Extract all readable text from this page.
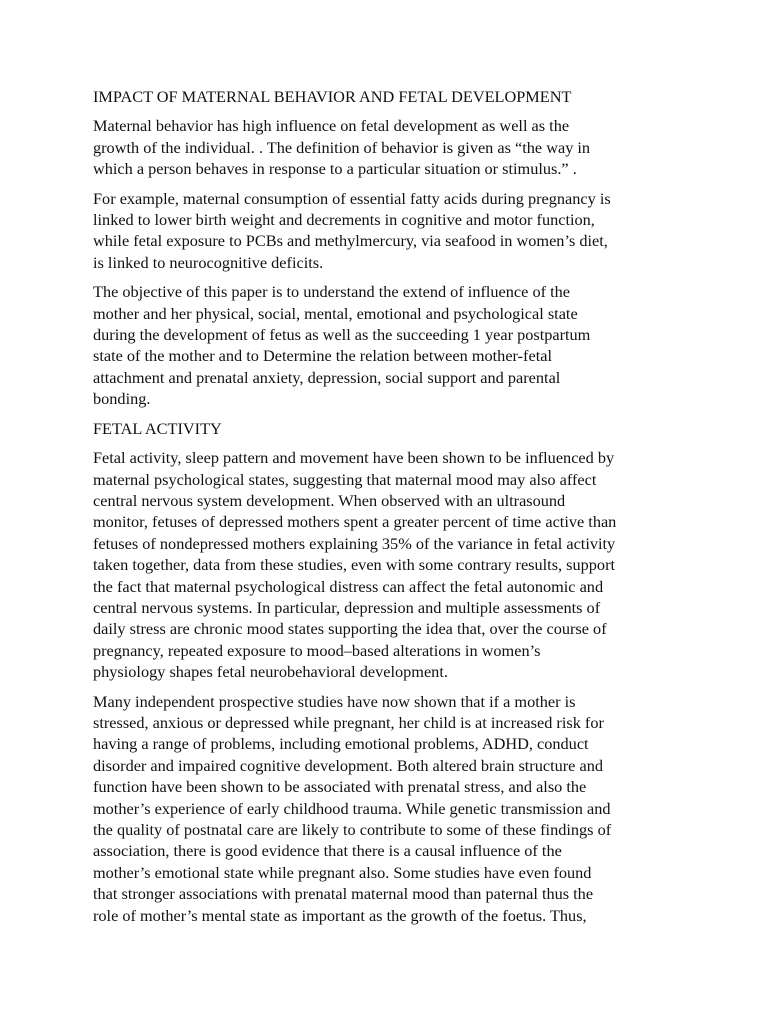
IMPACT OF MATERNAL BEHAVIOR AND FETAL DEVELOPMENT
Maternal behavior has high influence on fetal development as well as the
growth of the individual. . The definition of behavior is given as “the way in
which a person behaves in response to a particular situation or stimulus.” .
For example, maternal consumption of essential fatty acids during pregnancy is
linked to lower birth weight and decrements in cognitive and motor function,
while fetal exposure to PCBs and methylmercury, via seafood in women’s diet,
is linked to neurocognitive deficits.
The objective of this paper is to understand the extend of influence of the
mother and her physical, social, mental, emotional and psychological state
during the development of fetus as well as the succeeding 1 year postpartum
state of the mother and to Determine the relation between mother-fetal
attachment and prenatal anxiety, depression, social support and parental
bonding.
FETAL ACTIVITY
Fetal activity, sleep pattern and movement have been shown to be influenced by
maternal psychological states, suggesting that maternal mood may also affect
central nervous system development. When observed with an ultrasound
monitor, fetuses of depressed mothers spent a greater percent of time active than
fetuses of nondepressed mothers explaining 35% of the variance in fetal activity
taken together, data from these studies, even with some contrary results, support
the fact that maternal psychological distress can affect the fetal autonomic and
central nervous systems. In particular, depression and multiple assessments of
daily stress are chronic mood states supporting the idea that, over the course of
pregnancy, repeated exposure to mood–based alterations in women’s
physiology shapes fetal neurobehavioral development.
Many independent prospective studies have now shown that if a mother is
stressed, anxious or depressed while pregnant, her child is at increased risk for
having a range of problems, including emotional problems, ADHD, conduct
disorder and impaired cognitive development. Both altered brain structure and
function have been shown to be associated with prenatal stress, and also the
mother’s experience of early childhood trauma. While genetic transmission and
the quality of postnatal care are likely to contribute to some of these findings of
association, there is good evidence that there is a causal influence of the
mother’s emotional state while pregnant also. Some studies have even found
that stronger associations with prenatal maternal mood than paternal thus the
role of mother’s mental state as important as the growth of the foetus. Thus,
